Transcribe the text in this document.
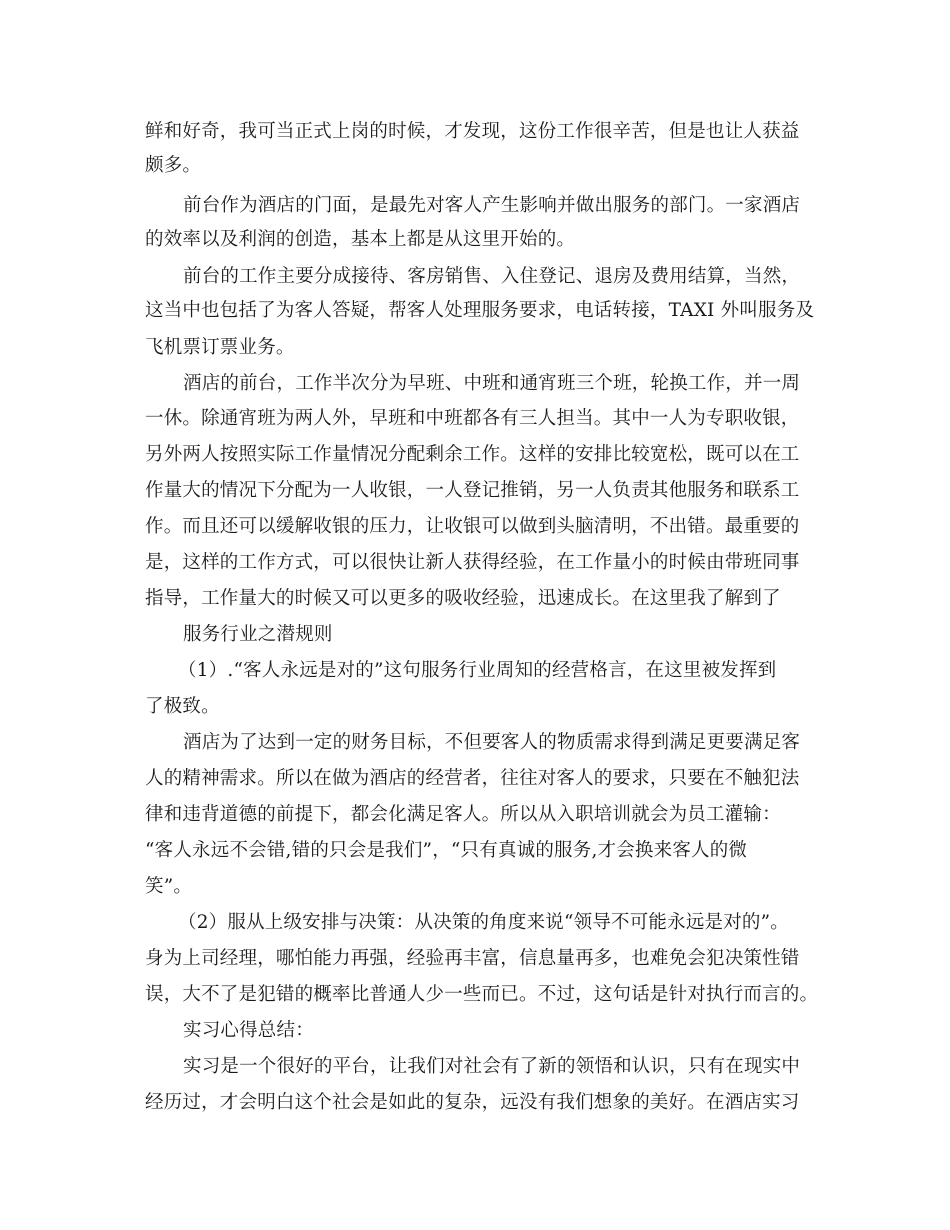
鲜和好奇，我可当正式上岗的时候，才发现，这份工作很辛苦，但是也让人获益
颇多。
前台作为酒店的门面，是最先对客人产生影响并做出服务的部门。一家酒店
的效率以及利润的创造，基本上都是从这里开始的。
前台的工作主要分成接待、客房销售、入住登记、退房及费用结算，当然，
这当中也包括了为客人答疑，帮客人处理服务要求，电话转接，TAXI 外叫服务及
飞机票订票业务。
酒店的前台，工作半次分为早班、中班和通宵班三个班，轮换工作，并一周
一休。除通宵班为两人外，早班和中班都各有三人担当。其中一人为专职收银，
另外两人按照实际工作量情况分配剩余工作。这样的安排比较宽松，既可以在工
作量大的情况下分配为一人收银，一人登记推销，另一人负责其他服务和联系工
作。而且还可以缓解收银的压力，让收银可以做到头脑清明，不出错。最重要的
是，这样的工作方式，可以很快让新人获得经验，在工作量小的时候由带班同事
指导，工作量大的时候又可以更多的吸收经验，迅速成长。在这里我了解到了
服务行业之潜规则
（1）.“客人永远是对的”这句服务行业周知的经营格言，在这里被发挥到
了极致。
酒店为了达到一定的财务目标，不但要客人的物质需求得到满足更要满足客
人的精神需求。所以在做为酒店的经营者，往往对客人的要求，只要在不触犯法
律和违背道德的前提下，都会化满足客人。所以从入职培训就会为员工灌输：
“客人永远不会错,错的只会是我们”，“只有真诚的服务,才会换来客人的微
笑”。
（2）服从上级安排与决策：从决策的角度来说“领导不可能永远是对的”。
身为上司经理，哪怕能力再强，经验再丰富，信息量再多，也难免会犯决策性错
误，大不了是犯错的概率比普通人少一些而已。不过，这句话是针对执行而言的。
实习心得总结：
实习是一个很好的平台，让我们对社会有了新的领悟和认识，只有在现实中
经历过，才会明白这个社会是如此的复杂，远没有我们想象的美好。在酒店实习
